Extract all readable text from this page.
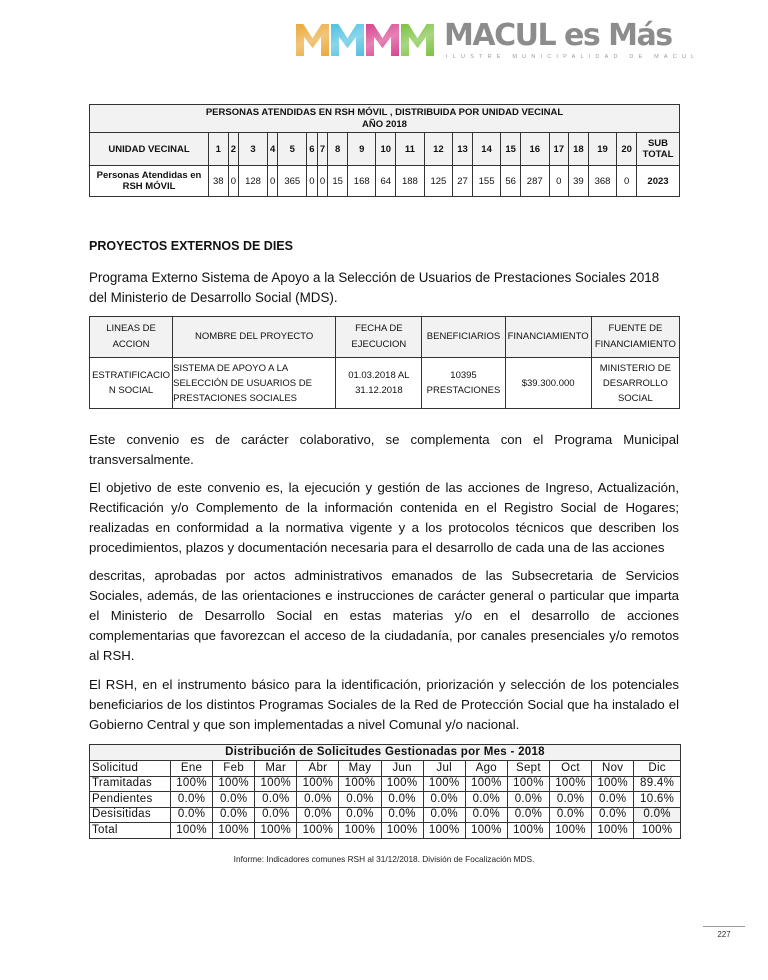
MACUL es Más
ILUSTRE MUNICIPALIDAD DE MACUL
PERSONAS ATENDIDAS EN RSH MÓVIL , DISTRIBUIDA POR UNIDAD VECINAL
AÑO 2018																					

UNIDAD VECINAL	1	2	3	4	5	6	7	8	9	10	11	12	13	14	15	16	17	18	19	20	SUB TOTAL
Personas Atendidas en RSH MÓVIL	38	0	128	0	365	0	0	15	168	64	188	125	27	155	56	287	0	39	368	0	2023
PROYECTOS EXTERNOS DE DIES
Programa Externo Sistema de Apoyo a la Selección de Usuarios de Prestaciones Sociales 2018 del Ministerio de Desarrollo Social (MDS).
LINEAS DE ACCION	NOMBRE DEL PROYECTO	FECHA DE EJECUCION	BENEFICIARIOS	FINANCIAMIENTO	FUENTE DE FINANCIAMIENTO
ESTRATIFICACIO N SOCIAL	SISTEMA DE APOYO A LA SELECCIÓN DE USUARIOS DE PRESTACIONES SOCIALES	01.03.2018 AL 31.12.2018	10395 PRESTACIONES	$39.300.000	MINISTERIO DE DESARROLLO SOCIAL
Este convenio es de carácter colaborativo, se complementa con el Programa Municipal transversalmente.
El objetivo de este convenio es, la ejecución y gestión de las acciones de Ingreso, Actualización, Rectificación y/o Complemento de la información contenida en el Registro Social de Hogares; realizadas en conformidad a la normativa vigente y a los protocolos técnicos que describen los procedimientos, plazos y documentación necesaria para el desarrollo de cada una de las acciones
descritas, aprobadas por actos administrativos emanados de las Subsecretaria de Servicios Sociales, además, de las orientaciones e instrucciones de carácter general o particular que imparta el Ministerio de Desarrollo Social en estas materias y/o en el desarrollo de acciones complementarias que favorezcan el acceso de la ciudadanía, por canales presenciales y/o remotos al RSH.
El RSH, en el instrumento básico para la identificación, priorización y selección de los potenciales beneficiarios de los distintos Programas Sociales de la Red de Protección Social que ha instalado el Gobierno Central y que son implementadas a nivel Comunal y/o nacional.
Distribución de Solicitudes Gestionadas por Mes - 2018												
Solicitud	Ene	Feb	Mar	Abr	May	Jun	Jul	Ago	Sept	Oct	Nov	Dic
Tramitadas	100%	100%	100%	100%	100%	100%	100%	100%	100%	100%	100%	89.4%
Pendientes	0.0%	0.0%	0.0%	0.0%	0.0%	0.0%	0.0%	0.0%	0.0%	0.0%	0.0%	10.6%
Desisitidas	0.0%	0.0%	0.0%	0.0%	0.0%	0.0%	0.0%	0.0%	0.0%	0.0%	0.0%	0.0%
Total	100%	100%	100%	100%	100%	100%	100%	100%	100%	100%	100%	100%
Informe: Indicadores comunes RSH al 31/12/2018. División de Focalización MDS.
227
